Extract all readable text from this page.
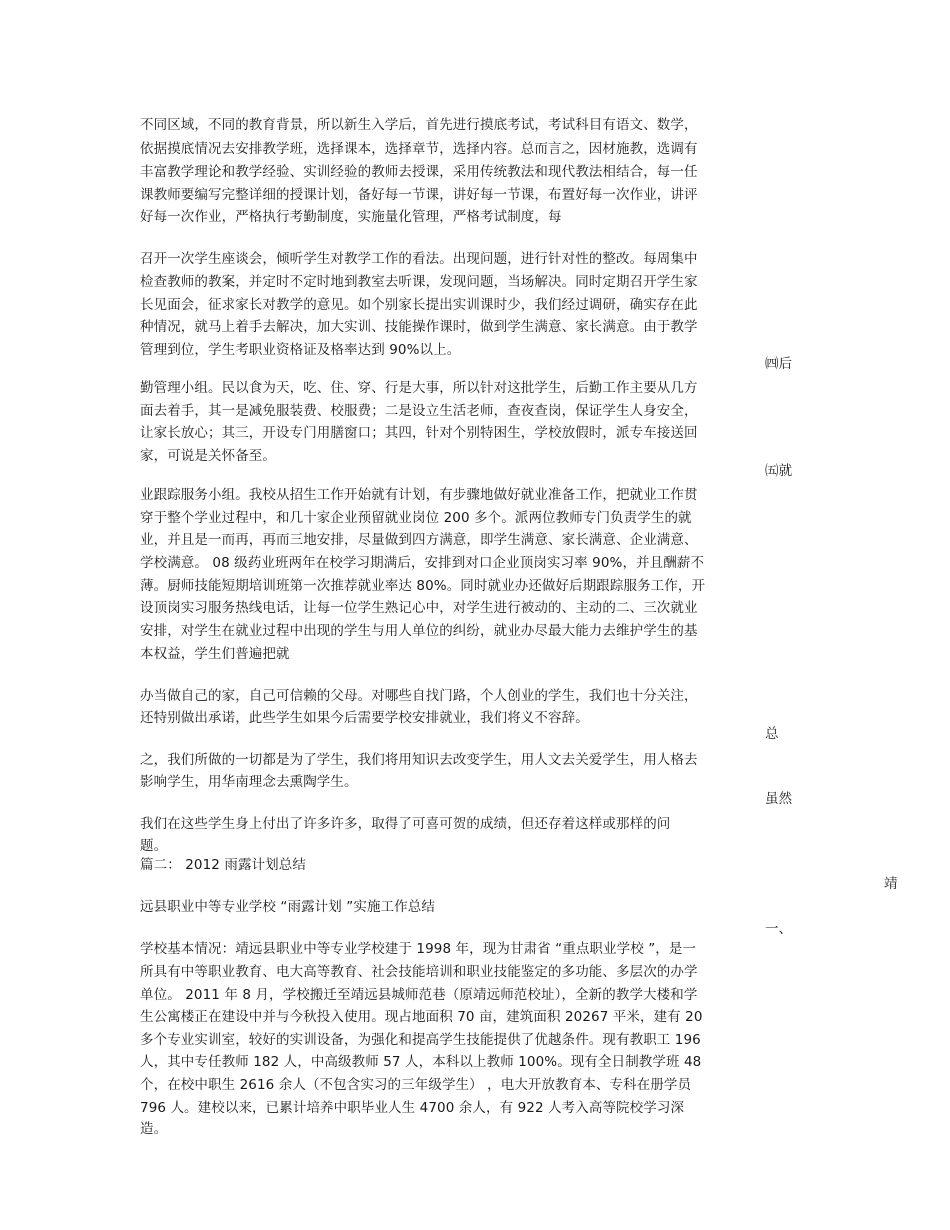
不同区域，不同的教育背景，所以新生入学后，首先进行摸底考试，考试科目有语文、数学，
依据摸底情况去安排教学班，选择课本，选择章节，选择内容。总而言之，因材施教，选调有
丰富教学理论和教学经验、实训经验的教师去授课，采用传统教法和现代教法相结合，每一任
课教师要编写完整详细的授课计划，备好每一节课，讲好每一节课，布置好每一次作业，讲评
好每一次作业，严格执行考勤制度，实施量化管理，严格考试制度，每
召开一次学生座谈会，倾听学生对教学工作的看法。出现问题，进行针对性的整改。每周集中
检查教师的教案，并定时不定时地到教室去听课，发现问题，当场解决。同时定期召开学生家
长见面会，征求家长对教学的意见。如个别家长提出实训课时少，我们经过调研，确实存在此
种情况，就马上着手去解决，加大实训、技能操作课时，做到学生满意、家长满意。由于教学
管理到位，学生考职业资格证及格率达到 90%以上。
㈣后
勤管理小组。民以食为天，吃、住、穿、行是大事，所以针对这批学生，后勤工作主要从几方
面去着手，其一是减免服装费、校服费；二是设立生活老师，查夜查岗，保证学生人身安全，
让家长放心；其三，开设专门用膳窗口；其四，针对个别特困生，学校放假时，派专车接送回
家，可说是关怀备至。
㈤就
业跟踪服务小组。我校从招生工作开始就有计划，有步骤地做好就业准备工作，把就业工作贯
穿于整个学业过程中，和几十家企业预留就业岗位 200 多个。派两位教师专门负责学生的就
业，并且是一而再，再而三地安排，尽量做到四方满意，即学生满意、家长满意、企业满意、
学校满意。 08 级药业班两年在校学习期满后，安排到对口企业顶岗实习率 90%，并且酬薪不
薄。厨师技能短期培训班第一次推荐就业率达 80%。同时就业办还做好后期跟踪服务工作，开
设顶岗实习服务热线电话，让每一位学生熟记心中，对学生进行被动的、主动的二、三次就业
安排，对学生在就业过程中出现的学生与用人单位的纠纷，就业办尽最大能力去维护学生的基
本权益，学生们普遍把就
办当做自己的家，自己可信赖的父母。对哪些自找门路，个人创业的学生，我们也十分关注，
还特别做出承诺，此些学生如果今后需要学校安排就业，我们将义不容辞。
总
之，我们所做的一切都是为了学生，我们将用知识去改变学生，用人文去关爱学生，用人格去
影响学生，用华南理念去熏陶学生。
虽然
我们在这些学生身上付出了许多许多，取得了可喜可贺的成绩，但还存着这样或那样的问
题。
篇二： 2012 雨露计划总结
靖
远县职业中等专业学校 “雨露计划 ”实施工作总结
一、
学校基本情况：靖远县职业中等专业学校建于 1998 年，现为甘肃省 “重点职业学校 ”，是一
所具有中等职业教育、电大高等教育、社会技能培训和职业技能鉴定的多功能、多层次的办学
单位。 2011 年 8 月，学校搬迁至靖远县城师范巷（原靖远师范校址），全新的教学大楼和学
生公寓楼正在建设中并与今秋投入使用。现占地面积 70 亩，建筑面积 20267 平米，建有 20
多个专业实训室，较好的实训设备，为强化和提高学生技能提供了优越条件。现有教职工 196
人，其中专任教师 182 人，中高级教师 57 人，本科以上教师 100%。现有全日制教学班 48
个，在校中职生 2616 余人（不包含实习的三年级学生） ，电大开放教育本、专科在册学员
796 人。建校以来，已累计培养中职毕业人生 4700 余人，有 922 人考入高等院校学习深
造。
